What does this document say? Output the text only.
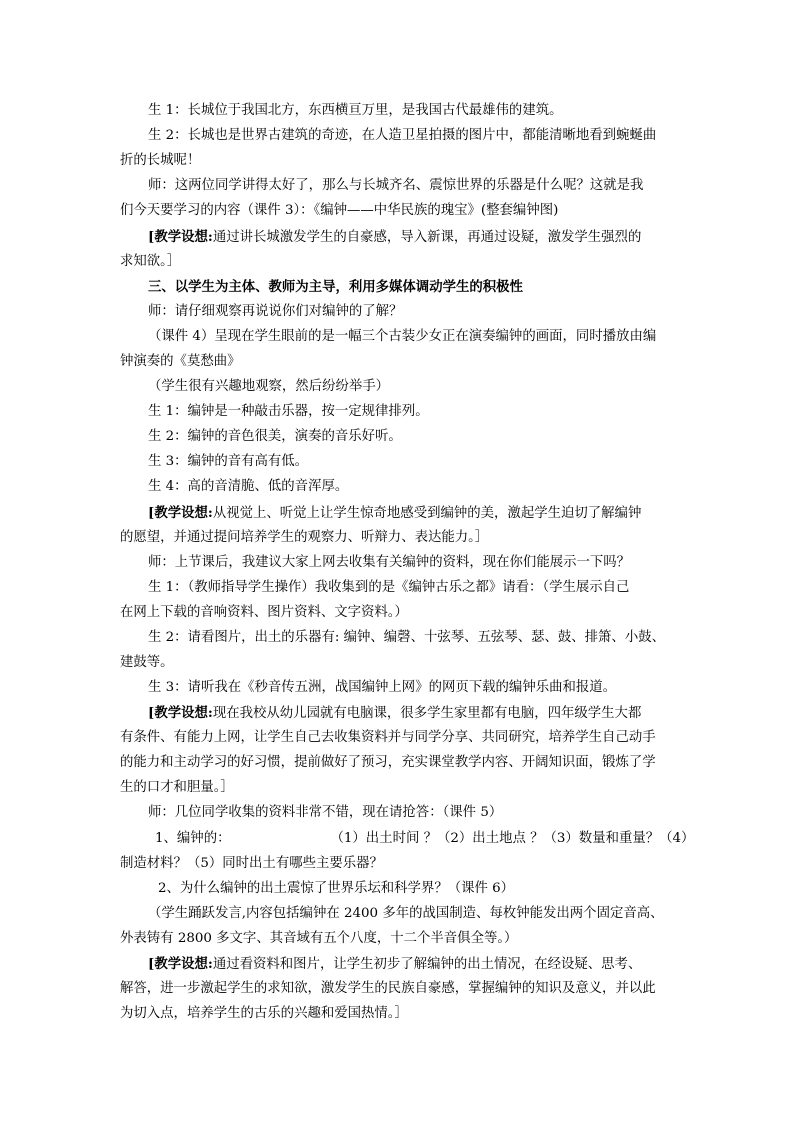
生 1：长城位于我国北方，东西横亘万里，是我国古代最雄伟的建筑。
生 2：长城也是世界古建筑的奇迹，在人造卫星拍摄的图片中，都能清晰地看到蜿蜒曲
折的长城呢！
师：这两位同学讲得太好了，那么与长城齐名、震惊世界的乐器是什么呢？这就是我
们今天要学习的内容（课件 3）：《编钟——中华民族的瑰宝》(整套编钟图)
[教学设想:通过讲长城激发学生的自豪感，导入新课，再通过设疑，激发学生强烈的
求知欲。］
三、以学生为主体、教师为主导，利用多媒体调动学生的积极性
师：请仔细观察再说说你们对编钟的了解？
（课件 4）呈现在学生眼前的是一幅三个古装少女正在演奏编钟的画面，同时播放由编
钟演奏的《莫愁曲》
（学生很有兴趣地观察，然后纷纷举手）
生 1：编钟是一种敲击乐器，按一定规律排列。
生 2：编钟的音色很美，演奏的音乐好听。
生 3：编钟的音有高有低。
生 4：高的音清脆、低的音浑厚。
[教学设想:从视觉上、听觉上让学生惊奇地感受到编钟的美，激起学生迫切了解编钟
的愿望，并通过提问培养学生的观察力、听辩力、表达能力。］
师：上节课后，我建议大家上网去收集有关编钟的资料，现在你们能展示一下吗？
生 1：（教师指导学生操作）我收集到的是《编钟古乐之都》请看：（学生展示自己
在网上下载的音响资料、图片资料、文字资料。）
生 2：请看图片，出土的乐器有: 编钟、编磬、十弦琴、五弦琴、瑟、鼓、排箫、小鼓、
建鼓等。
生 3：请听我在《秒音传五洲，战国编钟上网》的网页下载的编钟乐曲和报道。
[教学设想:现在我校从幼儿园就有电脑课，很多学生家里都有电脑，四年级学生大都
有条件、有能力上网，让学生自己去收集资料并与同学分享、共同研究，培养学生自己动手
的能力和主动学习的好习惯，提前做好了预习，充实课堂教学内容、开阔知识面，锻炼了学
生的口才和胆量。］
师：几位同学收集的资料非常不错，现在请抢答：（课件 5）
1、编钟的：	（1）出土时间 ？（2）出土地点 ？（3）数量和重量？（4）
制造材料？（5）同时出土有哪些主要乐器？
2、为什么编钟的出土震惊了世界乐坛和科学界？（课件 6）
（学生踊跃发言,内容包括编钟在 2400 多年的战国制造、每枚钟能发出两个固定音高、
外表铸有 2800 多文字、其音域有五个八度，十二个半音俱全等。）
[教学设想:通过看资料和图片，让学生初步了解编钟的出土情况，在经设疑、思考、
解答，进一步激起学生的求知欲，激发学生的民族自豪感，掌握编钟的知识及意义，并以此
为切入点，培养学生的古乐的兴趣和爱国热情。］
